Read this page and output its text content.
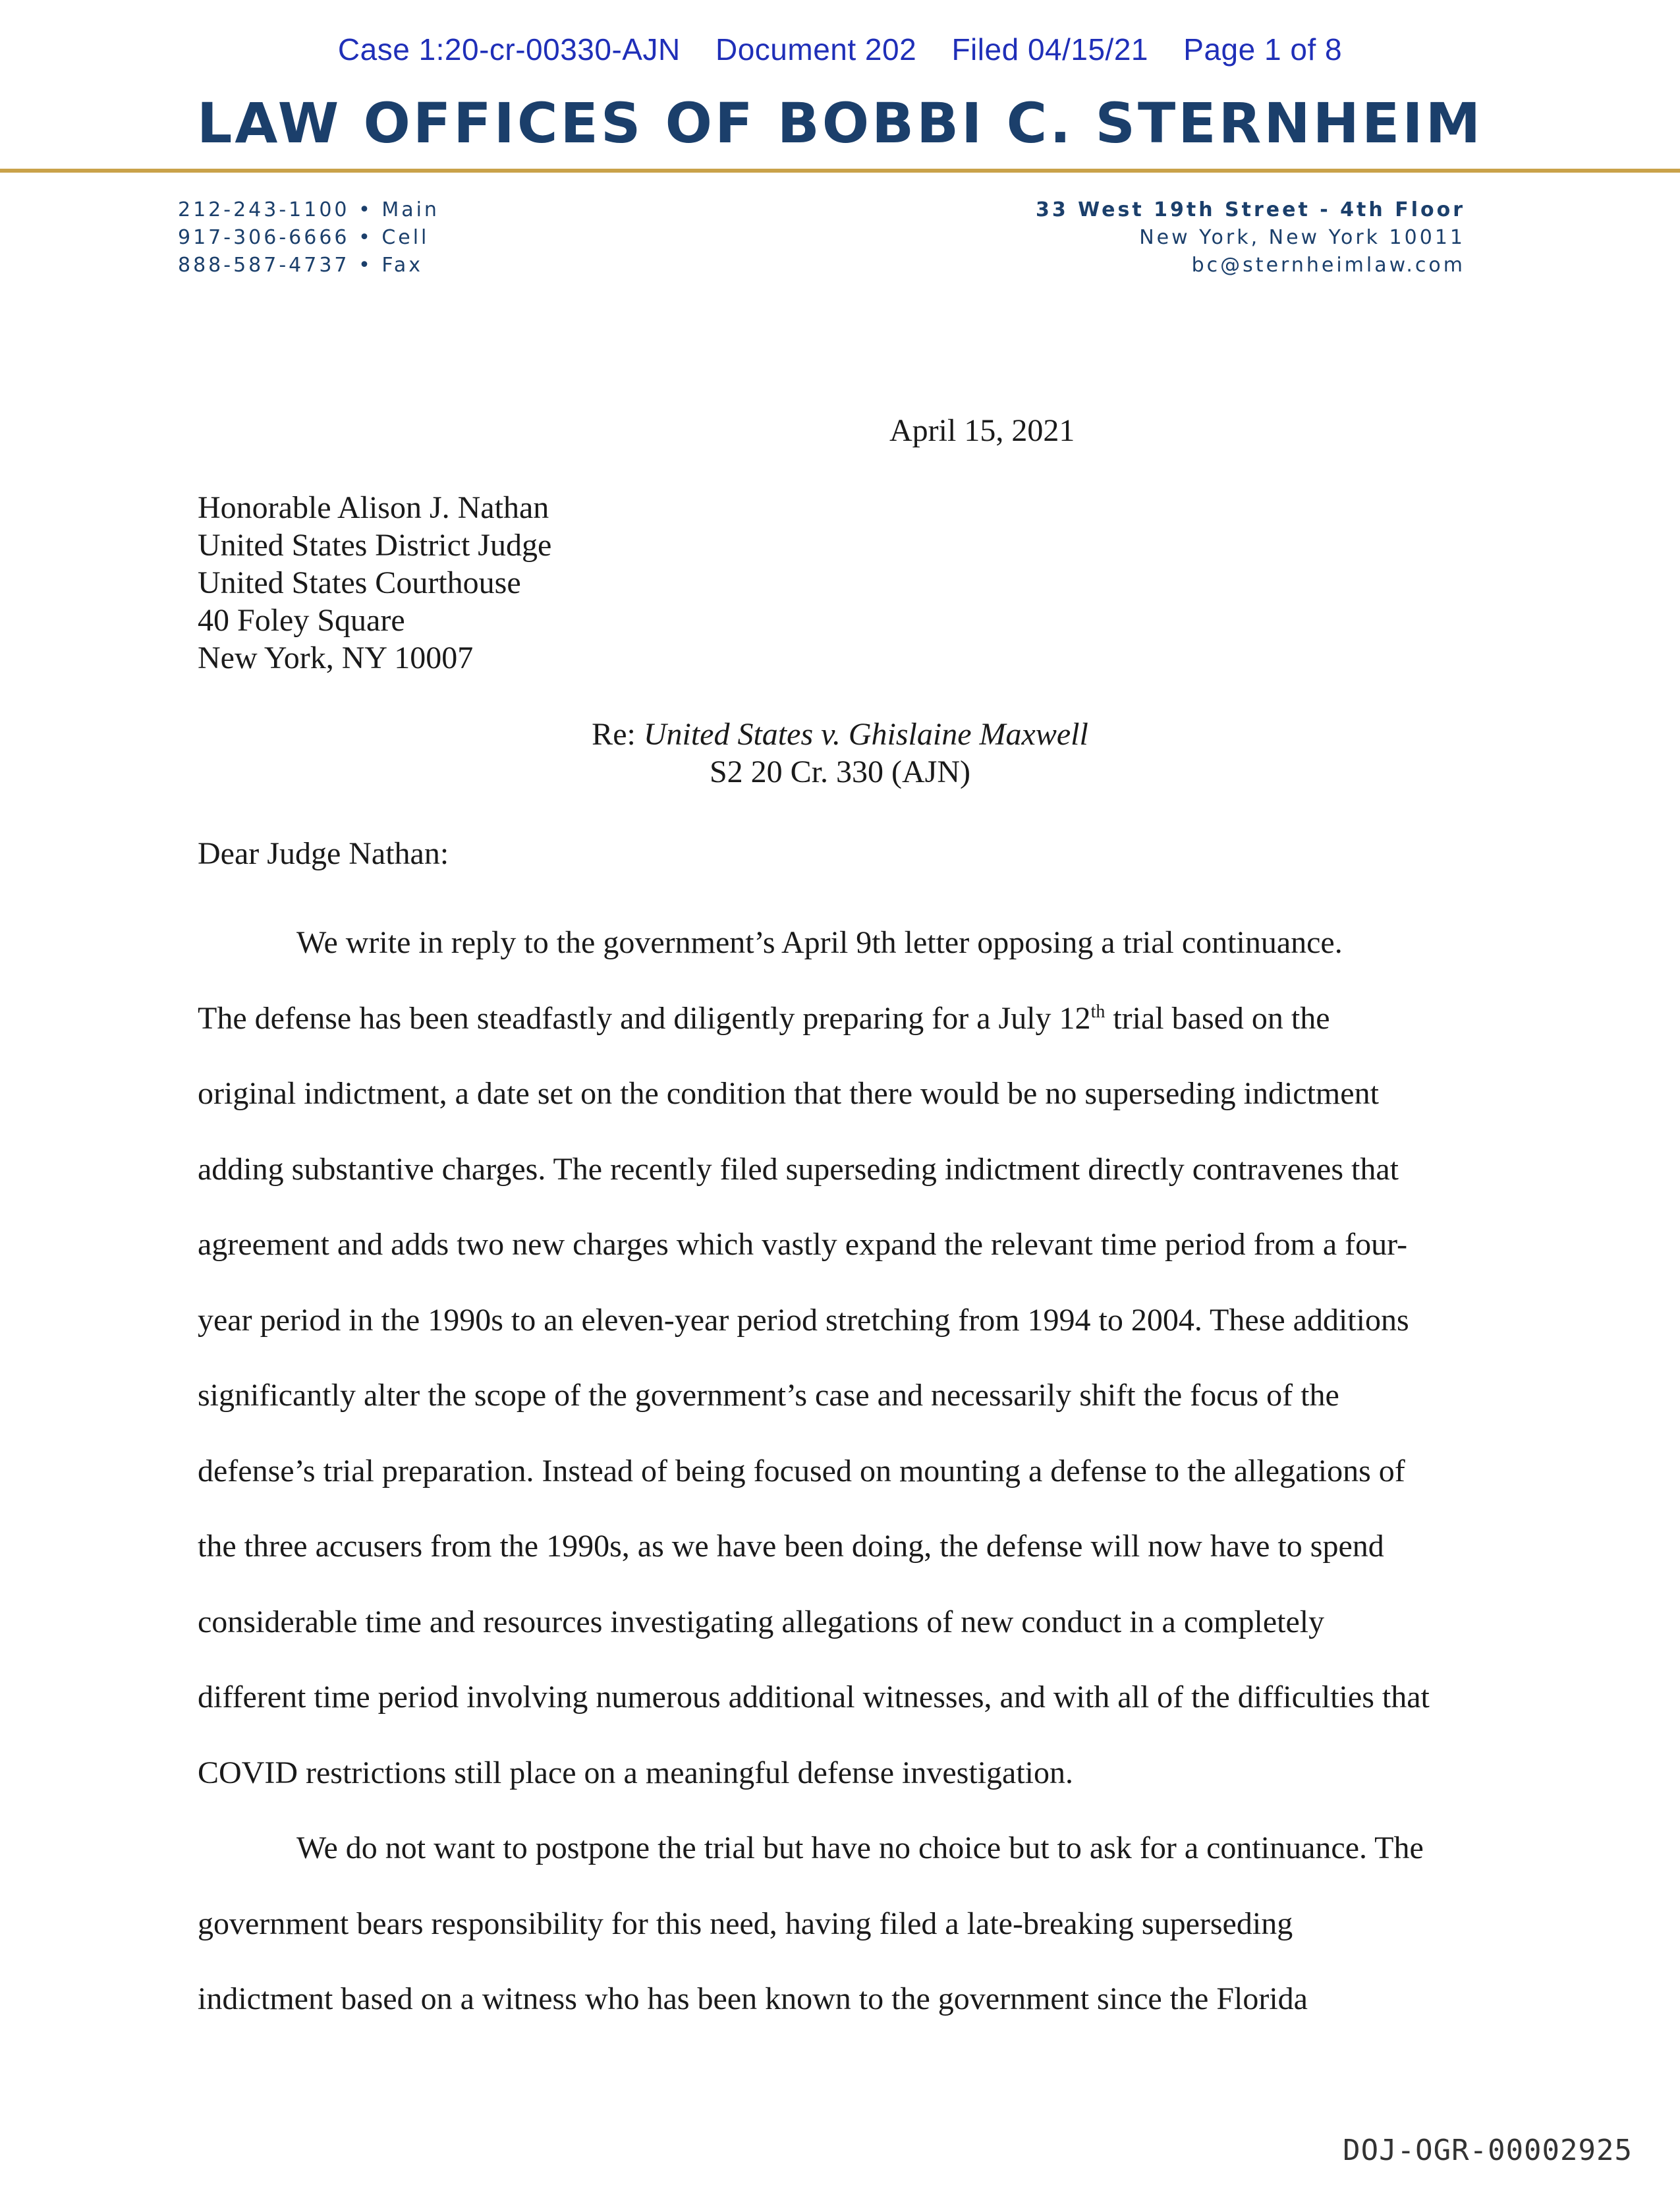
Case 1:20-cr-00330-AJN Document 202 Filed 04/15/21 Page 1 of 8
LAW OFFICES OF BOBBI C. STERNHEIM
212-243-1100 • Main
917-306-6666 • Cell
888-587-4737 • Fax
33 West 19th Street - 4th Floor
New York, New York 10011
bc@sternheimlaw.com
April 15, 2021
Honorable Alison J. Nathan
United States District Judge
United States Courthouse
40 Foley Square
New York, NY 10007
Re: United States v. Ghislaine Maxwell
S2 20 Cr. 330 (AJN)
Dear Judge Nathan:

We write in reply to the government’s April 9th letter opposing a trial continuance.

The defense has been steadfastly and diligently preparing for a July 12th trial based on the

original indictment, a date set on the condition that there would be no superseding indictment

adding substantive charges. The recently filed superseding indictment directly contravenes that

agreement and adds two new charges which vastly expand the relevant time period from a four-

year period in the 1990s to an eleven-year period stretching from 1994 to 2004. These additions

significantly alter the scope of the government’s case and necessarily shift the focus of the

defense’s trial preparation. Instead of being focused on mounting a defense to the allegations of

the three accusers from the 1990s, as we have been doing, the defense will now have to spend

considerable time and resources investigating allegations of new conduct in a completely

different time period involving numerous additional witnesses, and with all of the difficulties that

COVID restrictions still place on a meaningful defense investigation.

We do not want to postpone the trial but have no choice but to ask for a continuance. The

government bears responsibility for this need, having filed a late-breaking superseding

indictment based on a witness who has been known to the government since the Florida

DOJ-OGR-00002925
